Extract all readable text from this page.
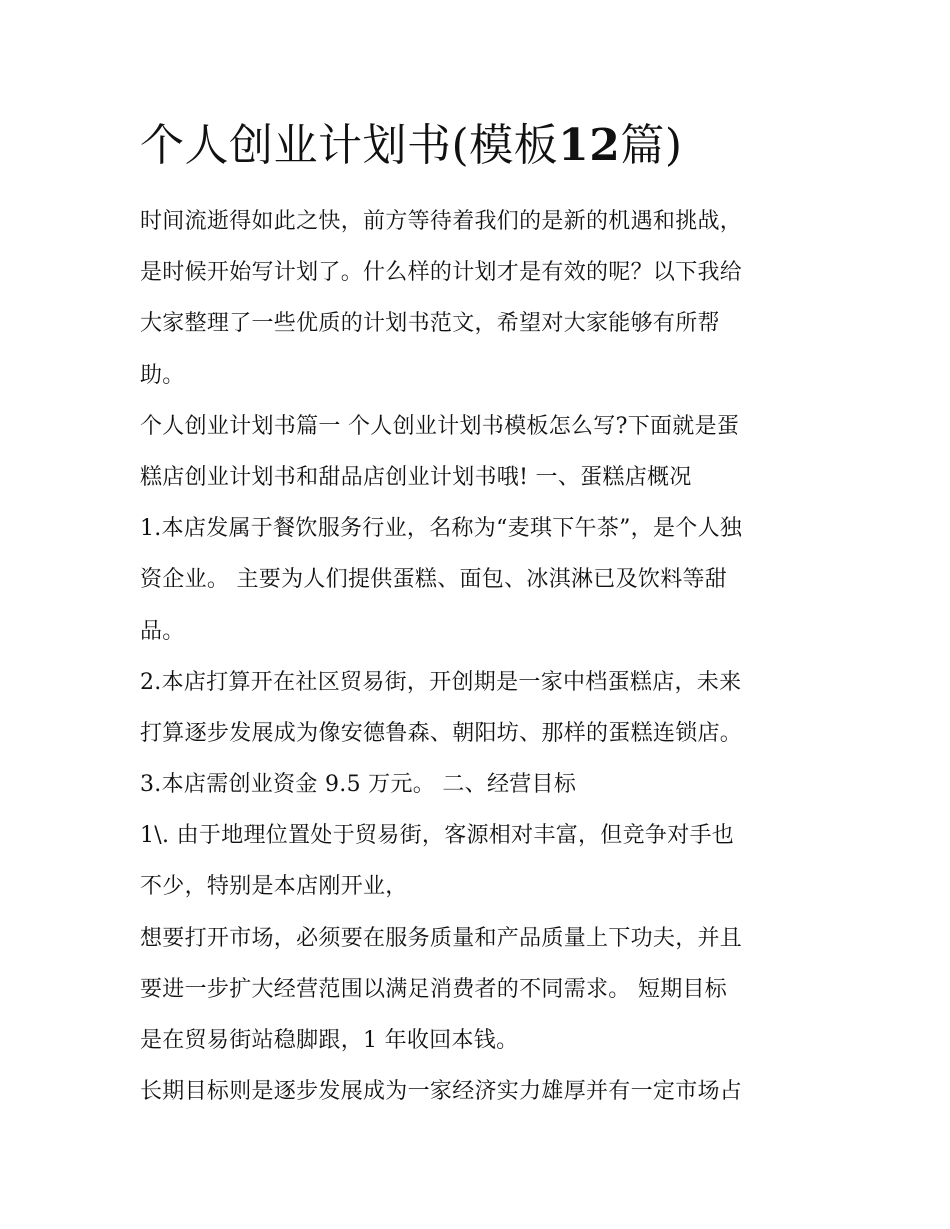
个人创业计划书(模板12篇)
时间流逝得如此之快，前方等待着我们的是新的机遇和挑战，
是时候开始写计划了。什么样的计划才是有效的呢？以下我给
大家整理了一些优质的计划书范文，希望对大家能够有所帮
助。
个人创业计划书篇一 个人创业计划书模板怎么写?下面就是蛋
糕店创业计划书和甜品店创业计划书哦! 一、蛋糕店概况
1.本店发属于餐饮服务行业，名称为“麦琪下午茶”，是个人独
资企业。 主要为人们提供蛋糕、面包、冰淇淋已及饮料等甜
品。
2.本店打算开在社区贸易街，开创期是一家中档蛋糕店，未来
打算逐步发展成为像安德鲁森、朝阳坊、那样的蛋糕连锁店。
3.本店需创业资金 9.5 万元。 二、经营目标
1\. 由于地理位置处于贸易街，客源相对丰富，但竞争对手也
不少，特别是本店刚开业，
想要打开市场，必须要在服务质量和产品质量上下功夫，并且
要进一步扩大经营范围以满足消费者的不同需求。 短期目标
是在贸易街站稳脚跟，1 年收回本钱。
长期目标则是逐步发展成为一家经济实力雄厚并有一定市场占
